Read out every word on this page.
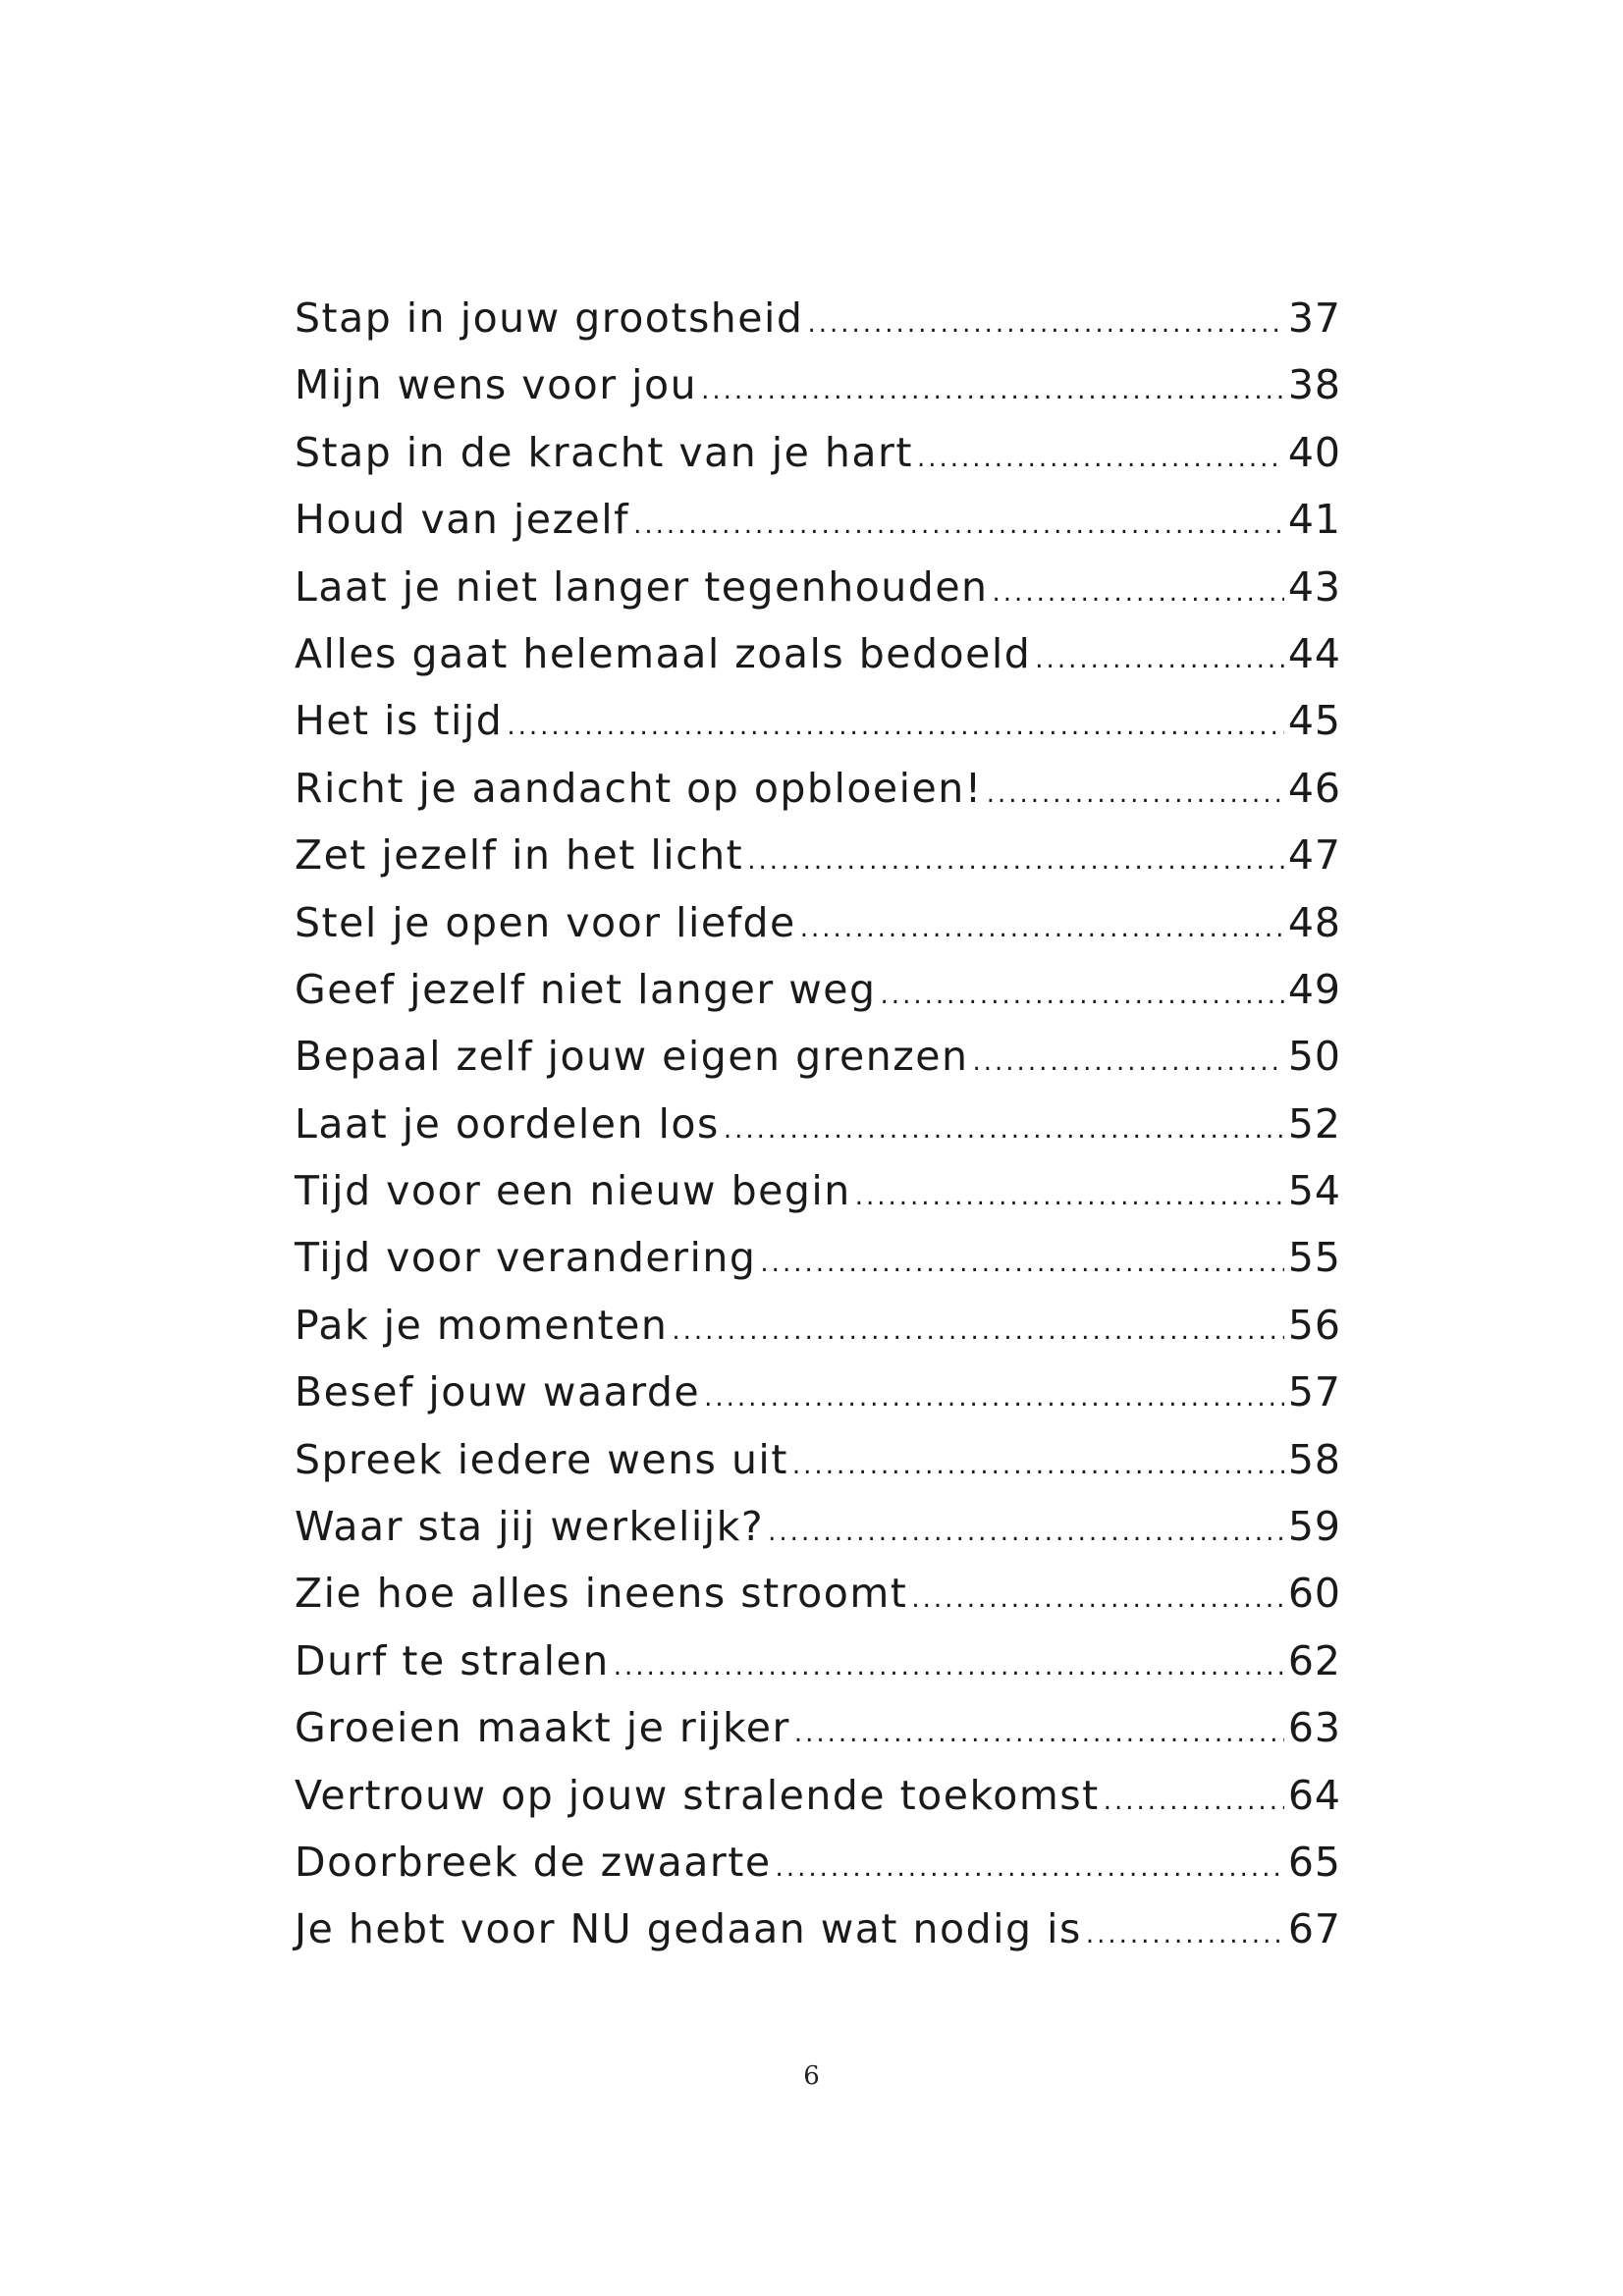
Stap in jouw grootsheid .....	37
Mijn wens voor jou .....	38
Stap in de kracht van je hart .....	40
Houd van jezelf .....	41
Laat je niet langer tegenhouden .....	43
Alles gaat helemaal zoals bedoeld .....	44
Het is tijd .....	45
Richt je aandacht op opbloeien! .....	46
Zet jezelf in het licht .....	47
Stel je open voor liefde .....	48
Geef jezelf niet langer weg .....	49
Bepaal zelf jouw eigen grenzen .....	50
Laat je oordelen los .....	52
Tijd voor een nieuw begin .....	54
Tijd voor verandering .....	55
Pak je momenten .....	56
Besef jouw waarde .....	57
Spreek iedere wens uit .....	58
Waar sta jij werkelijk? .....	59
Zie hoe alles ineens stroomt .....	60
Durf te stralen .....	62
Groeien maakt je rijker .....	63
Vertrouw op jouw stralende toekomst .....	64
Doorbreek de zwaarte .....	65
Je hebt voor NU gedaan wat nodig is .....	67
6
